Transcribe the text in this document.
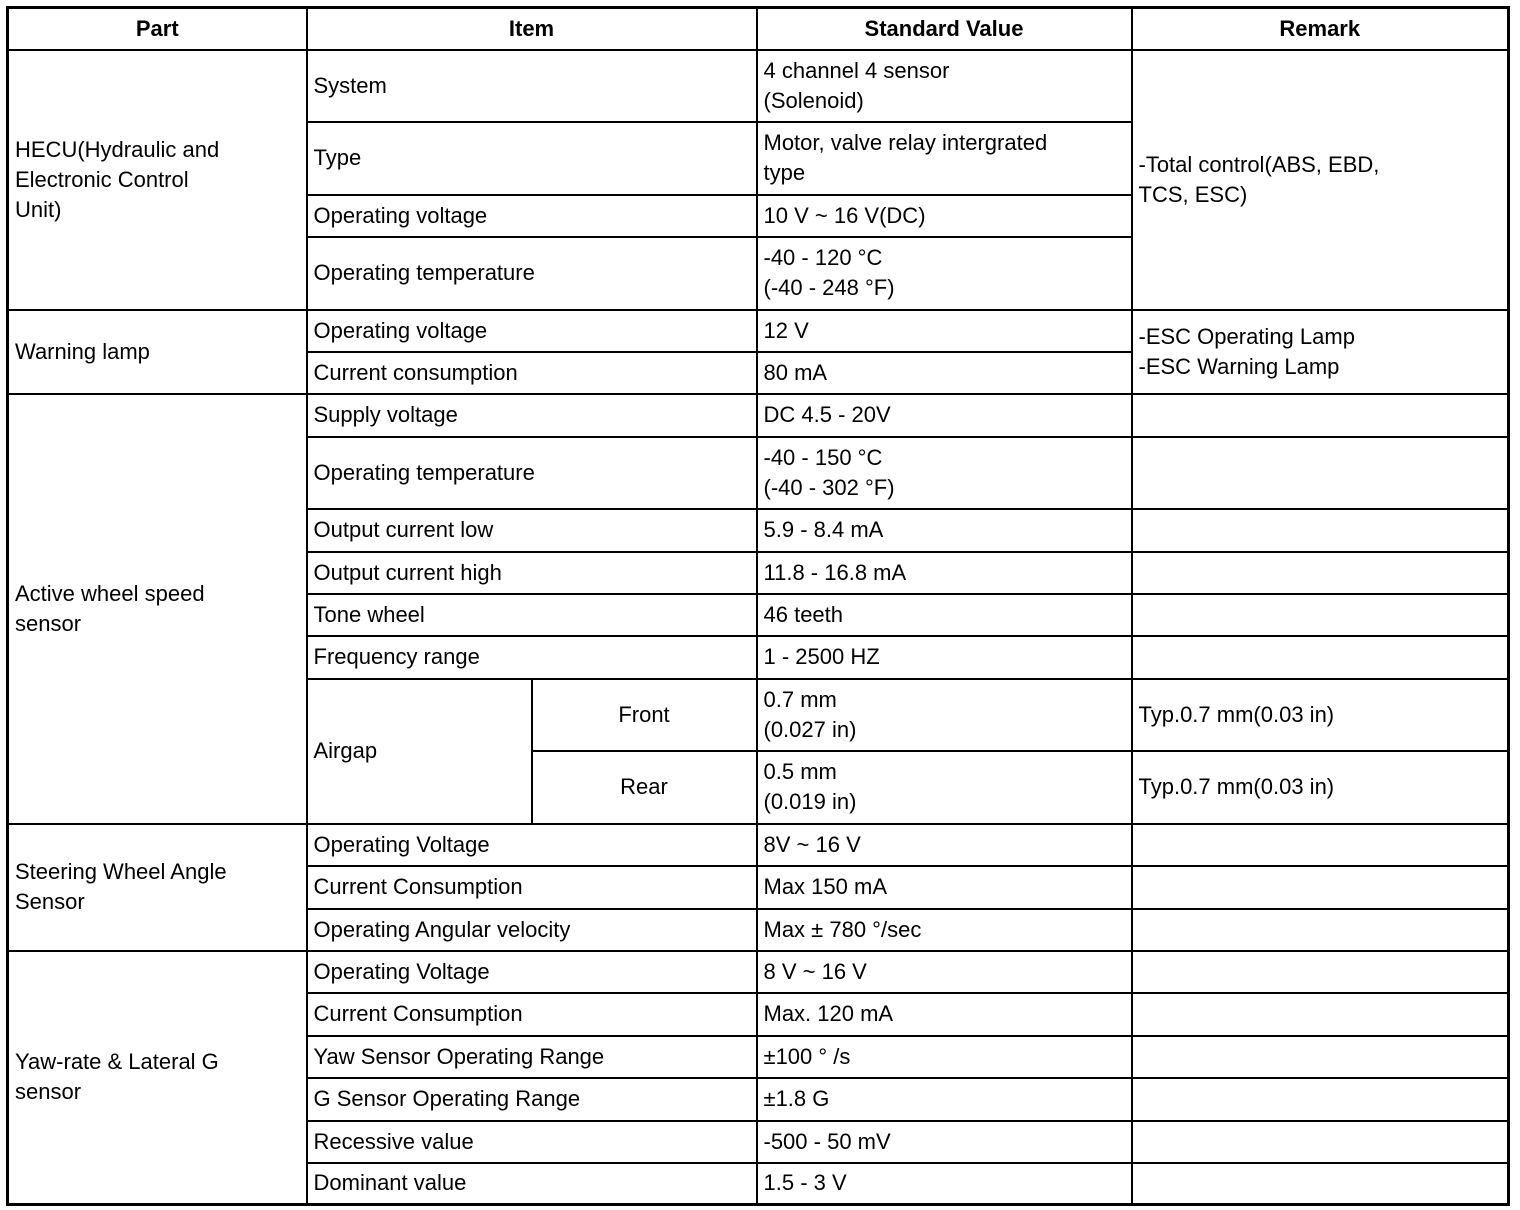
Part	Item		Standard Value	Remark
HECU(Hydraulic and
Electronic Control
Unit)	System		4 channel 4 sensor
(Solenoid)	-Total control(ABS, EBD,
TCS, ESC)
	Type		Motor, valve relay intergrated
type	
	Operating voltage		10 V ~ 16 V(DC)	
	Operating temperature		-40 - 120 °C
(-40 - 248 °F)	
Warning lamp	Operating voltage		12 V	-ESC Operating Lamp
-ESC Warning Lamp
	Current consumption		80 mA	
Active wheel speed
sensor	Supply voltage		DC 4.5 - 20V	
	Operating temperature		-40 - 150 °C
(-40 - 302 °F)	
	Output current low		5.9 - 8.4 mA	
	Output current high		11.8 - 16.8 mA	
	Tone wheel		46 teeth	
	Frequency range		1 - 2500 HZ	
	Airgap	Front	0.7 mm
(0.027 in)	Typ.0.7 mm(0.03 in)
		Rear	0.5 mm
(0.019 in)	Typ.0.7 mm(0.03 in)
Steering Wheel Angle
Sensor	Operating Voltage		8V ~ 16 V	
	Current Consumption		Max 150 mA	
	Operating Angular velocity		Max ± 780 °/sec	
Yaw-rate & Lateral G
sensor	Operating Voltage		8 V ~ 16 V	
	Current Consumption		Max. 120 mA	
	Yaw Sensor Operating Range		±100 ° /s	
	G Sensor Operating Range		±1.8 G	
	Recessive value		-500 - 50 mV	
	Dominant value		1.5 - 3 V	
